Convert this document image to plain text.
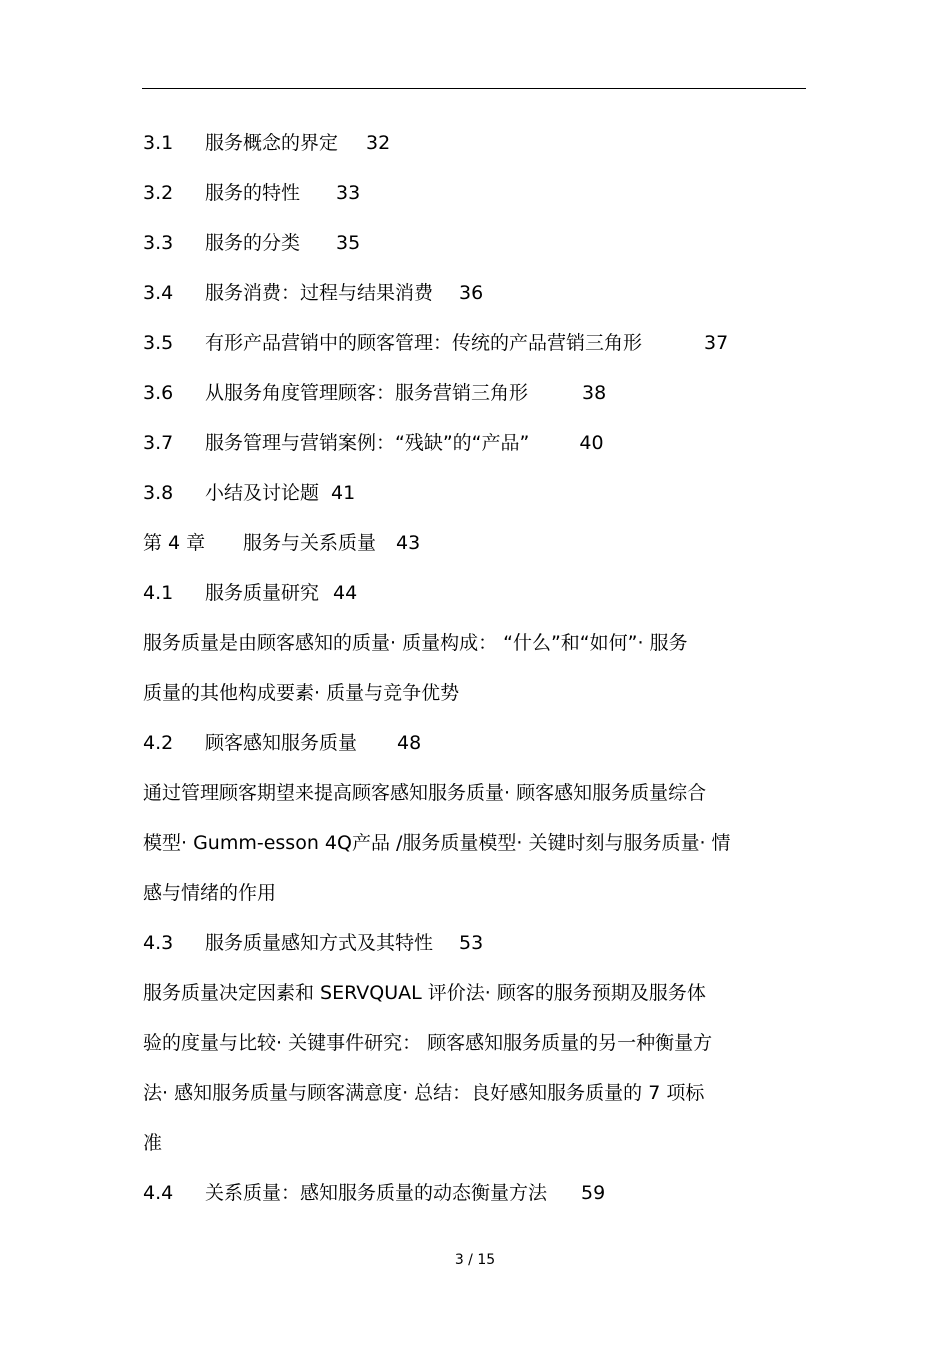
3.1 服务概念的界定 32
3.2 服务的特性 33
3.3 服务的分类 35
3.4 服务消费：过程与结果消费 36
3.5 有形产品营销中的顾客管理：传统的产品营销三角形	37
3.6 从服务角度管理顾客：服务营销三角形	38
3.7 服务管理与营销案例：“残缺”的“产品”	40
3.8 小结及讨论题 41
第 4 章 服务与关系质量 43
4.1 服务质量研究 44
服务质量是由顾客感知的质量· 质量构成： “什么”和“如何”· 服务
质量的其他构成要素· 质量与竞争优势
4.2 顾客感知服务质量 48
通过管理顾客期望来提高顾客感知服务质量· 顾客感知服务质量综合
模型· Gumm-esson 4Q产品 /服务质量模型· 关键时刻与服务质量· 情
感与情绪的作用
4.3 服务质量感知方式及其特性 53
服务质量决定因素和 SERVQUAL 评价法· 顾客的服务预期及服务体
验的度量与比较· 关键事件研究： 顾客感知服务质量的另一种衡量方
法· 感知服务质量与顾客满意度· 总结：良好感知服务质量的 7 项标
准
4.4 关系质量：感知服务质量的动态衡量方法 59
3 / 15
